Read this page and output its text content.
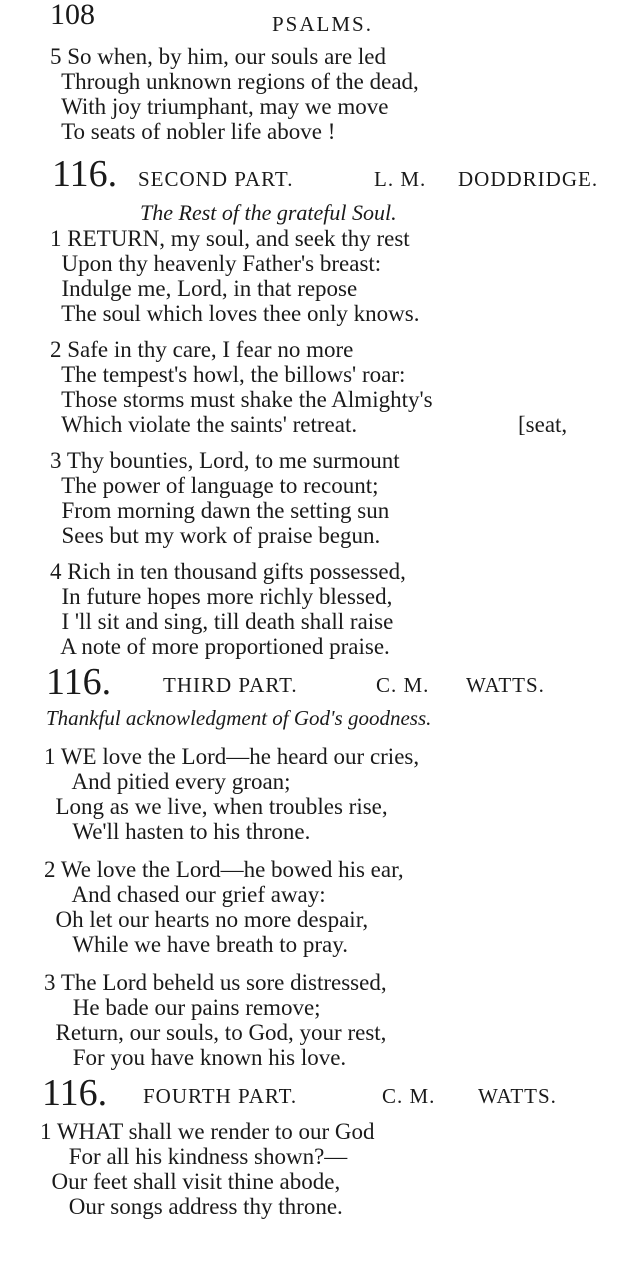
108	PSALMS.
5 So when, by him, our souls are led
Through unknown regions of the dead,
With joy triumphant, may we move
To seats of nobler life above !
116. SECOND PART.	L. M. DODDRIDGE.
The Rest of the grateful Soul.
1 RETURN, my soul, and seek thy rest
Upon thy heavenly Father's breast:
Indulge me, Lord, in that repose
The soul which loves thee only knows.
2 Safe in thy care, I fear no more
The tempest's howl, the billows' roar:
Those storms must shake the Almighty's
Which violate the saints' retreat.	[seat,
3 Thy bounties, Lord, to me surmount
The power of language to recount;
From morning dawn the setting sun
Sees but my work of praise begun.
4 Rich in ten thousand gifts possessed,
In future hopes more richly blessed,
I 'll sit and sing, till death shall raise
A note of more proportioned praise.
116. THIRD PART.	C. M. WATTS.
Thankful acknowledgment of God's goodness.
1 WE love the Lord—he heard our cries,
And pitied every groan;
Long as we live, when troubles rise,
We'll hasten to his throne.
2 We love the Lord—he bowed his ear,
And chased our grief away:
Oh let our hearts no more despair,
While we have breath to pray.
3 The Lord beheld us sore distressed,
He bade our pains remove;
Return, our souls, to God, your rest,
For you have known his love.
116. FOURTH PART.	C. M. WATTS.
1 WHAT shall we render to our God
For all his kindness shown?—
Our feet shall visit thine abode,
Our songs address thy throne.
